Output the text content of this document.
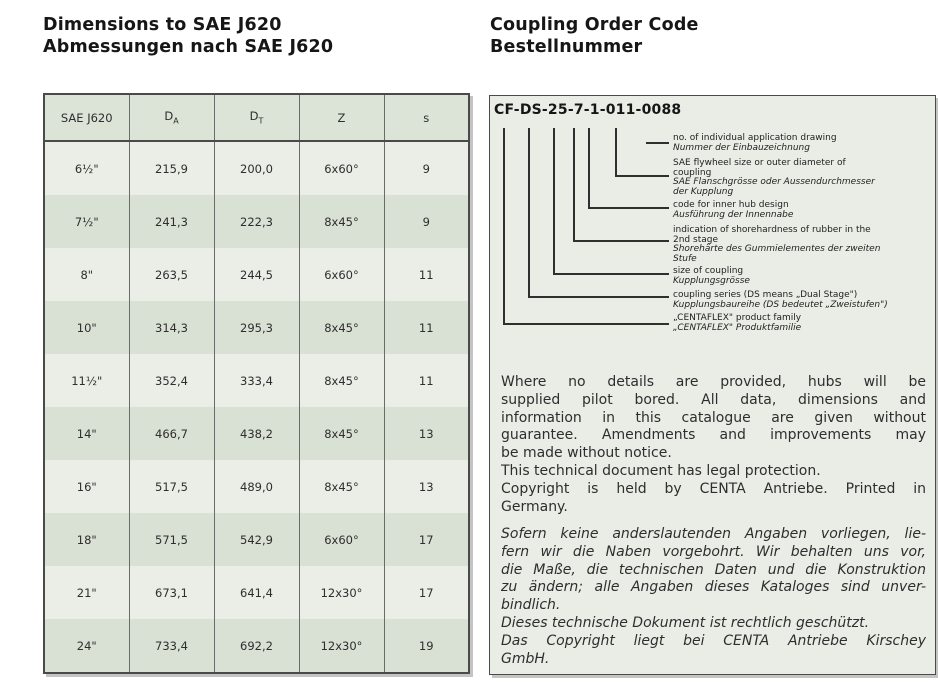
Dimensions to SAE J620
Abmessungen nach SAE J620
Coupling Order Code
Bestellnummer
SAE J620	$D_A$	$D_T$	Z	s
6½"	215,9	200,0	6x60°	9
7½"	241,3	222,3	8x45°	9
8"	263,5	244,5	6x60°	11
10"	314,3	295,3	8x45°	11
11½"	352,4	333,4	8x45°	11
14"	466,7	438,2	8x45°	13
16"	517,5	489,0	8x45°	13
18"	571,5	542,9	6x60°	17
21"	673,1	641,4	12x30°	17
24"	733,4	692,2	12x30°	19
CF-DS-25-7-1-011-0088
Where no details are provided, hubs will be
supplied pilot bored. All data, dimensions and
information in this catalogue are given without
guarantee. Amendments and improvements may
be made without notice.
This technical document has legal protection.
Copyright is held by CENTA Antriebe. Printed in
Germany.
Sofern keine anderslautenden Angaben vorliegen, lie-
fern wir die Naben vorgebohrt. Wir behalten uns vor,
die Maße, die technischen Daten und die Konstruktion
zu ändern; alle Angaben dieses Kataloges sind unver-
bindlich.
Dieses technische Dokument ist rechtlich geschützt.
Das Copyright liegt bei CENTA Antriebe Kirschey
GmbH.
no. of individual application drawing
Nummer der Einbauzeichnung
SAE flywheel size or outer diameter of
coupling
SAE Flanschgrösse oder Aussendurchmesser
der Kupplung
code for inner hub design
Ausführung der Innennabe
indication of shorehardness of rubber in the
2nd stage
Shorehärte des Gummielementes der zweiten
Stufe
size of coupling
Kupplungsgrösse
coupling series (DS means „Dual Stage")
Kupplungsbaureihe (DS bedeutet „Zweistufen")
„CENTAFLEX" product family
„CENTAFLEX" Produktfamilie
